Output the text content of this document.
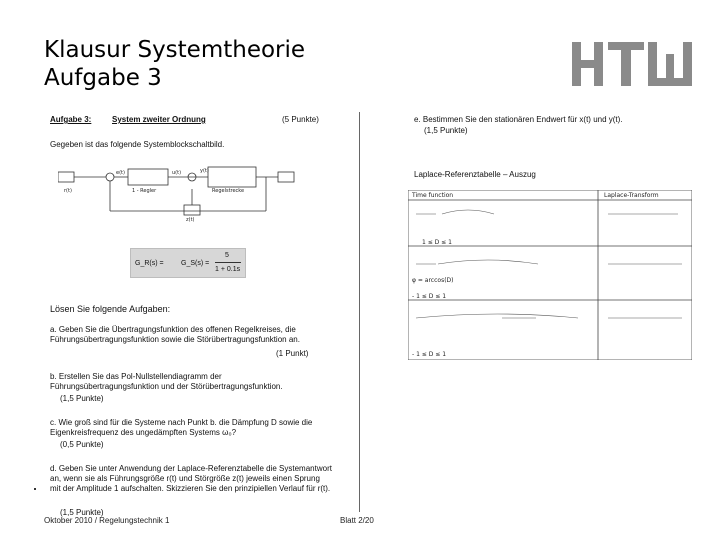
Klausur Systemtheorie
Aufgabe 3
Aufgabe 3:	System zweiter Ordnung	(5 Punkte)
Gegeben ist das folgende Systemblockschaltbild.
r(t)
y(t)
e(t)
1 - Regler	Regelstrecke
z(t)
u(t)
G_R(s) = G_S(s) =
5
1 + 0.1s
Lösen Sie folgende Aufgaben:
a. Geben Sie die Übertragungsfunktion des offenen Regelkreises, die Führungsübertragungsfunktion sowie die Störübertragungsfunktion an.
(1 Punkt)
b. Erstellen Sie das Pol-Nullstellendiagramm der Führungsübertragungsfunktion und der Störübertragungsfunktion.
(1,5 Punkte)
c. Wie groß sind für die Systeme nach Punkt b. die Dämpfung D sowie die Eigenkreisfrequenz des ungedämpften Systems ω₀?
(0,5 Punkte)
d. Geben Sie unter Anwendung der Laplace-Referenztabelle die Systemantwort an, wenn sie als Führungsgröße r(t) und Störgröße z(t) jeweils einen Sprung mit der Amplitude 1 aufschalten. Skizzieren Sie den prinzipiellen Verlauf für r(t).
(1,5 Punkte)
e. Bestimmen Sie den stationären Endwert für x(t) und y(t).
(1,5 Punkte)
Laplace-Referenztabelle – Auszug
Time function	Laplace-Transform
1 ≤ D ≤ 1
φ = arccos(D)
- 1 ≤ D ≤ 1
- 1 ≤ D ≤ 1
Oktober 2010 / Regelungstechnik 1	Blatt 2/20
